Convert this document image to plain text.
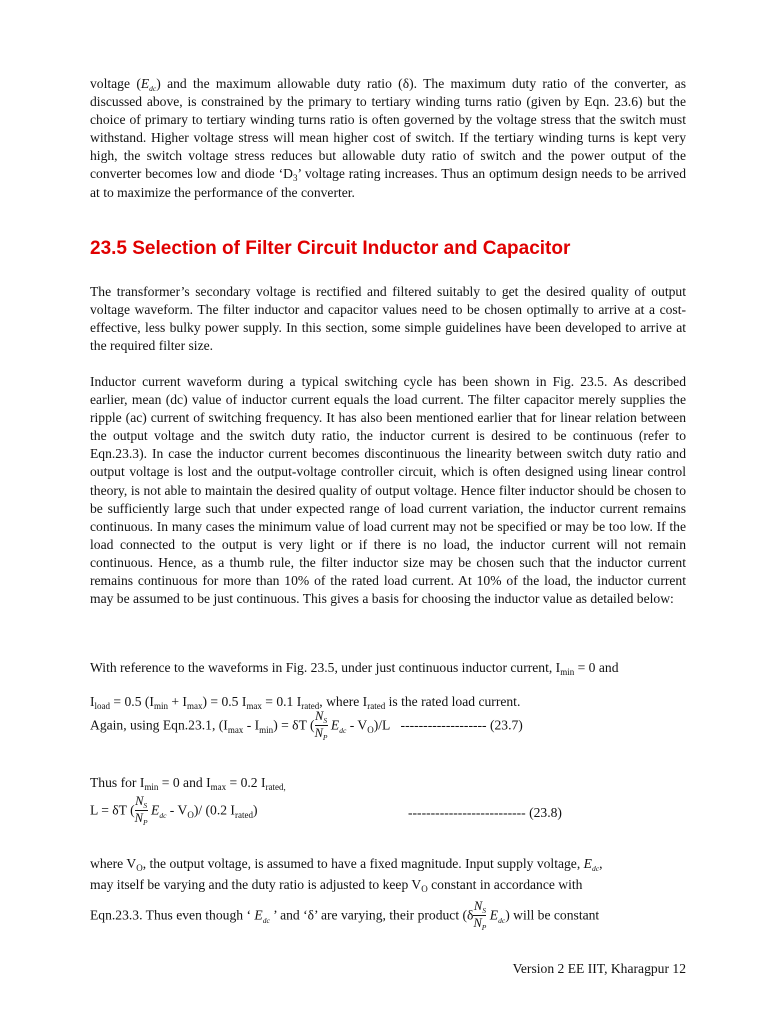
voltage $(E_{dc})$ and the maximum allowable duty ratio (δ). The maximum duty ratio of the converter, as discussed above, is constrained by the primary to tertiary winding turns ratio (given by Eqn. 23.6) but the choice of primary to tertiary winding turns ratio is often governed by the voltage stress that the switch must withstand. Higher voltage stress will mean higher cost of switch. If the tertiary winding turns is kept very high, the switch voltage stress reduces but allowable duty ratio of switch and the power output of the converter becomes low and diode ‘$D_3$’ voltage rating increases. Thus an optimum design needs to be arrived at to maximize the performance of the converter.

23.5 Selection of Filter Circuit Inductor and Capacitor

The transformer’s secondary voltage is rectified and filtered suitably to get the desired quality of output voltage waveform. The filter inductor and capacitor values need to be chosen optimally to arrive at a cost-effective, less bulky power supply. In this section, some simple guidelines have been developed to arrive at the required filter size.

Inductor current waveform during a typical switching cycle has been shown in Fig. 23.5. As described earlier, mean (dc) value of inductor current equals the load current. The filter capacitor merely supplies the ripple (ac) current of switching frequency. It has also been mentioned earlier that for linear relation between the output voltage and the switch duty ratio, the inductor current is desired to be continuous (refer to Eqn.23.3). In case the inductor current becomes discontinuous the linearity between switch duty ratio and output voltage is lost and the output-voltage controller circuit, which is often designed using linear control theory, is not able to maintain the desired quality of output voltage. Hence filter inductor should be chosen to be sufficiently large such that under expected range of load current variation, the inductor current remains continuous. In many cases the minimum value of load current may not be specified or may be too low. If the load connected to the output is very light or if there is no load, the inductor current will not remain continuous. Hence, as a thumb rule, the filter inductor size may be chosen such that the inductor current remains continuous for more than 10% of the rated load current. At 10% of the load, the inductor current may be assumed to be just continuous. This gives a basis for choosing the inductor value as detailed below:

With reference to the waveforms in Fig. 23.5, under just continuous inductor current, $I_{min} = 0$ and

$I_{load} = 0.5$ $(I_{min} + I_{max}) = 0.5$ $I_{max} = 0.1$ $I_{rated}$, where $I_{rated}$ is the rated load current.

Again, using Eqn.23.1, $(I_{max} - I_{min}) = \delta T$ ( $\frac{N_S}{N_P} E_{dc} - V_O)/L$ ------------------- (23.7)

Thus for $I_{min} = 0$ and $I_{max} = 0.2$ $I_{rated,}$

L = δT ( $\frac{N_S}{N_P} E_{dc} - V_O)/$ (0.2 $I_{rated}$)	-------------------------- (23.8)

where $V_O$, the output voltage, is assumed to have a fixed magnitude. Input supply voltage, $E_{dc}$,

may itself be varying and the duty ratio is adjusted to keep $V_O$ constant in accordance with

Eqn.23.3. Thus even though ‘ $E_{dc}$ ’ and ‘δ’ are varying, their product $(\delta \frac{N_S}{N_P} E_{dc})$ will be constant

Version 2 EE IIT, Kharagpur 12
